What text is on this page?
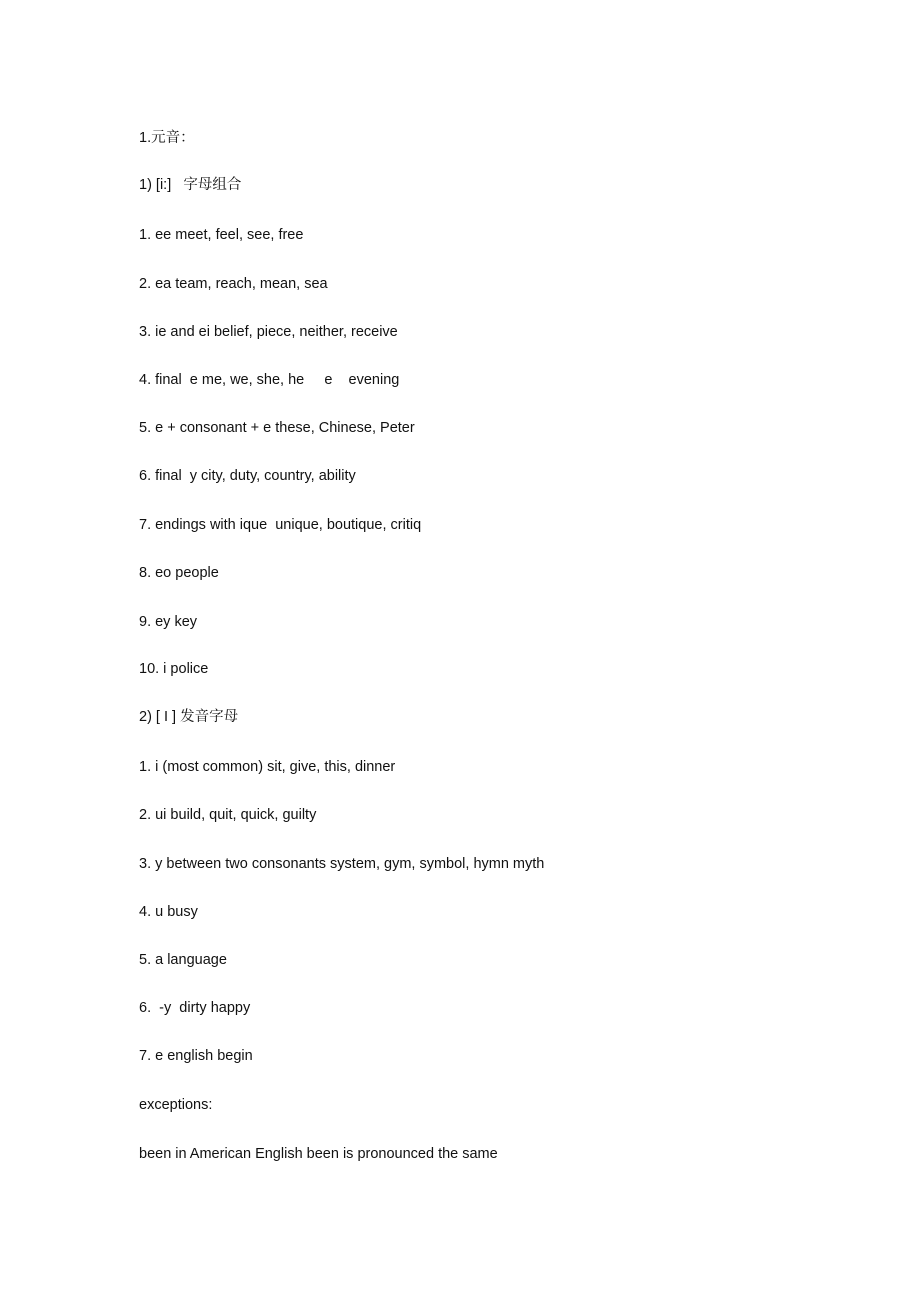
1.元音：
1) [i:]   字母组合
1. ee meet, feel, see, free
2. ea team, reach, mean, sea
3. ie and ei belief, piece, neither, receive
4. final  e me, we, she, he     e    evening
5. e + consonant + e these, Chinese, Peter
6. final  y city, duty, country, ability
7. endings with ique  unique, boutique, critiq
8. eo people
9. ey key
10. i police
2) [ I ] 发音字母
1. i (most common) sit, give, this, dinner
2. ui build, quit, quick, guilty
3. y between two consonants system, gym, symbol, hymn myth
4. u busy
5. a language
6.  -y  dirty happy
7. e english begin
exceptions:
been in American English been is pronounced the same
